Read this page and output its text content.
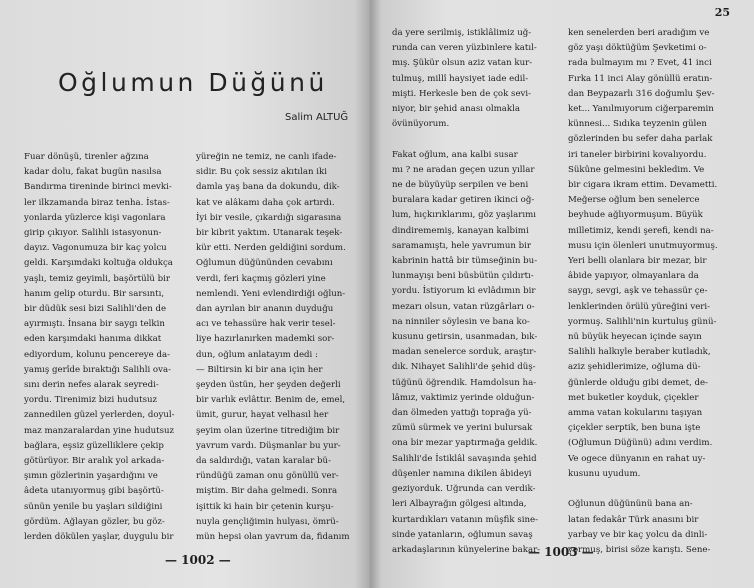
Oğlumun Düğünü
Salim ALTUĞ
Fuar dönüşü, tirenler ağzına
kadar dolu, fakat bugün nasılsa
Bandırma tireninde birinci mevki-
ler ilkzamanda biraz tenha. İstas-
yonlarda yüzlerce kişi vagonlara
girip çıkıyor. Salihli istasyonun-
dayız. Vagonumuza bir kaç yolcu
geldi. Karşımdaki koltuğa oldukça
yaşlı, temiz geyimli, başörtülü bir
hanım gelip oturdu. Bir sarsıntı,
bir düdük sesi bizi Salihli'den de
ayırmıştı. İnsana bir saygı telkin
eden karşımdaki hanıma dikkat
ediyordum, kolunu pencereye da-
yamış gerîde bıraktığı Salihli ova-
sını derin nefes alarak seyredi-
yordu. Tirenimiz bizi hudutsuz
zannedilen güzel yerlerden, doyul-
maz manzaralardan yine hudutsuz
bağlara, eşsiz güzelliklere çekip
götürüyor. Bir aralık yol arkada-
şımın gözlerinin yaşardığını ve
âdeta utanıyormuş gibi başörtü-
sünün yenile bu yaşları sildiğini
gördüm. Ağlayan gözler, bu göz-
lerden dökülen yaşlar, duygulu bir
yüreğin ne temiz, ne canlı ifade-
sidir. Bu çok sessiz akıtılan iki
damla yaş bana da dokundu, dik-
kat ve alâkamı daha çok artırdı.
İyi bir vesile, çıkardığı sigarasına
bir kibrit yaktım. Utanarak teşek-
kür etti. Nerden geldiğini sordum.
Oğlumun düğününden cevabını
verdi, feri kaçmış gözleri yine
nemlendi. Yeni evlendirdiği oğlun-
dan ayrılan bir ananın duyduğu
acı ve tehassüre hak verir tesel-
liye hazırlanırken mademki sor-
dun, oğlum anlatayım dedi :
— Biltirsin ki bir ana için her
şeyden üstün, her şeyden değerli
bir varlık evlâttır. Benim de, emel,
ümit, gurur, hayat velhasıl her
şeyim olan üzerine titrediğim bir
yavrum vardı. Düşmanlar bu yur-
da saldırdığı, vatan karalar bü-
ründüğü zaman onu gönüllü ver-
miştim. Bir daha gelmedi. Sonra
işittik ki hain bir çetenin kurşu-
nuyla gençliğimin hulyası, ömrü-
mün hepsi olan yavrum da, fidanım
— 1002 —
25
da yere serilmiş, istiklâlimiz uğ-
runda can veren yüzbinlere katıl-
mış. Şükür olsun aziz vatan kur-
tulmuş, millî haysiyet iade edil-
mişti. Herkesle ben de çok sevi-
niyor, bir şehid anası olmakla
övünüyorum.

Fakat oğlum, ana kalbi susar
mı ? ne aradan geçen uzun yıllar
ne de büyüyüp serpilen ve beni
buralara kadar getiren ikinci oğ-
lum, hıçkırıklarımı, göz yaşlarımı
dindirememiş, kanayan kalbimi
saramamıştı, hele yavrumun bir
kabrinin hattâ bir tümseğinin bu-
lunmayışı beni büsbütün çıldırtı-
yordu. İstiyorum ki evlâdımın bir
mezarı olsun, vatan rüzgârları o-
na ninniler söylesin ve bana ko-
kusunu getirsin, usanmadan, bık-
madan senelerce sorduk, araştır-
dık. Nihayet Salihli'de şehid düş-
tüğünü öğrendik. Hamdolsun ha-
lâmız, vaktimiz yerinde olduğun-
dan ölmeden yattığı toprağa yü-
zümü sürmek ve yerini bulursak
ona bir mezar yaptırmağa geldik.
Salihli'de İstiklâl savaşında şehid
düşenler namına dikilen âbideyi
geziyorduk. Uğrunda can verdik-
leri Albayrağın gölgesi altında,
kurtardıkları vatanın müşfik sine-
sinde yatanların, oğlumun savaş
arkadaşlarının künyelerine bakar-
ken senelerden beri aradığım ve
göz yaşı döktüğüm Şevketimi o-
rada bulmayım mı ? Evet, 41 inci
Fırka 11 inci Alay gönüllü eratın-
dan Beypazarlı 316 doğumlu Şev-
ket... Yanılmıyorum ciğerparemin
künnesi... Sıdıka teyzenin gülen
gözlerinden bu sefer daha parlak
iri taneler birbirini kovalıyordu.
Sükûne gelmesini bekledim. Ve
bir cigara ikram ettim. Devametti.
Meğerse oğlum ben senelerce
beyhude ağlıyormuşum. Büyük
milletimiz, kendi şerefi, kendi na-
musu için ölenleri unutmuyormuş.
Yeri belli olanlara bir mezar, bir
âbide yapıyor, olmayanlara da
saygı, sevgi, aşk ve tehassür çe-
lenklerinden örülü yüreğini veri-
yormuş. Salihli'nin kurtuluş günü-
nü büyük heyecan içinde sayın
Salihli halkıyle beraber kutladık,
aziz şehidlerimize, oğluma dü-
ğünlerde olduğu gibi demet, de-
met buketler koyduk, çiçekler
amma vatan kokularını taşıyan
çiçekler serptik, ben buna işte
(Oğlumun Düğünü) adını verdim.
Ve ogece dünyanın en rahat uy-
kusunu uyudum.

Oğlunun düğününü bana an-
latan fedakâr Türk anasını bir
yarbay ve bir kaç yolcu da dinli-
yormuş, birisi söze karıştı. Sene-
— 1003 —
